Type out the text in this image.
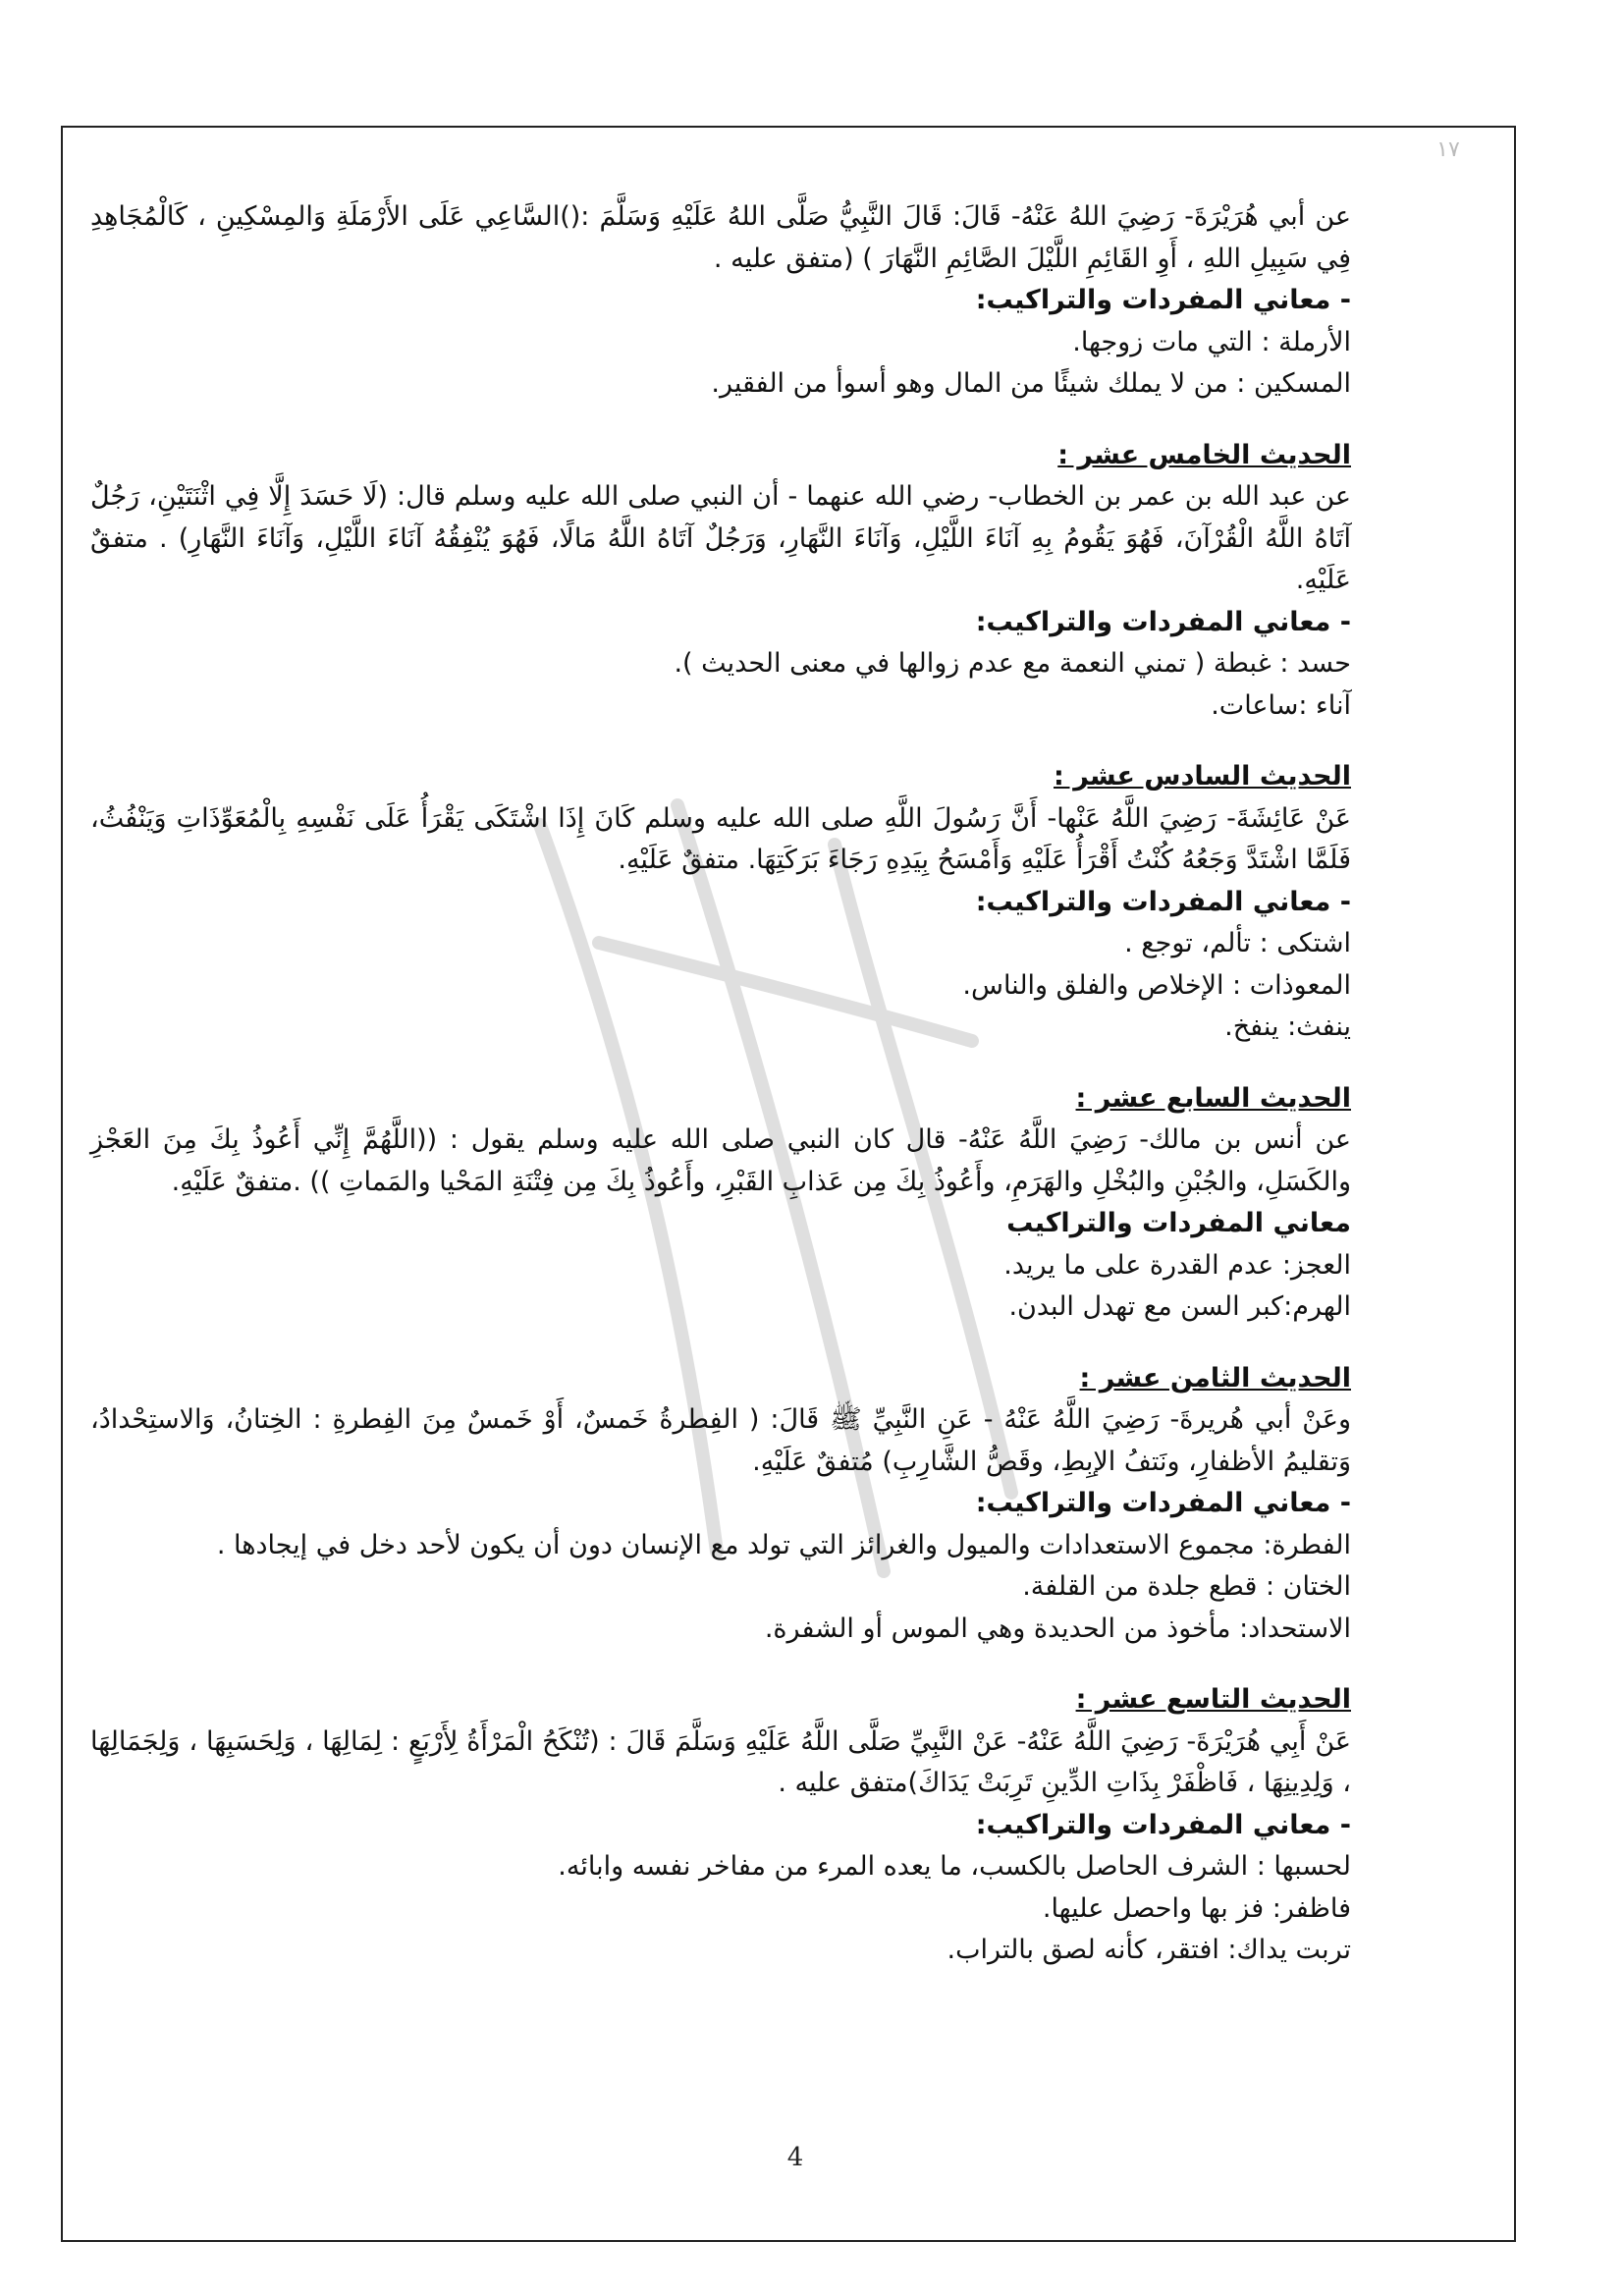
١٧

عن أبي هُرَيْرَةَ- رَضِيَ اللهُ عَنْهُ- قَالَ: قَالَ النَّبِيُّ صَلَّى اللهُ عَلَيْهِ وَسَلَّمَ :()السَّاعِي عَلَى الأَرْمَلَةِ وَالمِسْكِينِ ، كَالْمُجَاهِدِ فِي سَبِيلِ اللهِ ، أَوِ القَائِمِ اللَّيْلَ الصَّائِمِ النَّهَارَ ) (متفق عليه .

- معاني المفردات والتراكيب:

الأرملة : التي مات زوجها.

المسكين : من لا يملك شيئًا من المال وهو أسوأ من الفقير.

الحديث الخامس عشر :

عن عبد الله بن عمر بن الخطاب- رضي الله عنهما - أن النبي صلى الله عليه وسلم قال: (لَا حَسَدَ إِلَّا فِي اثْنَتَيْنِ، رَجُلٌ آتَاهُ اللَّهُ الْقُرْآنَ، فَهُوَ يَقُومُ بِهِ آنَاءَ اللَّيْلِ، وَآنَاءَ النَّهَارِ، وَرَجُلٌ آتَاهُ اللَّهُ مَالًا، فَهُوَ يُنْفِقُهُ آنَاءَ اللَّيْلِ، وَآنَاءَ النَّهَارِ) . متفقٌ عَلَيْهِ.

- معاني المفردات والتراكيب:

حسد : غبطة ( تمني النعمة مع عدم زوالها في معنى الحديث ).

آناء :ساعات.

الحديث السادس عشر :

عَنْ عَائِشَةَ- رَضِيَ اللَّهُ عَنْها- أَنَّ رَسُولَ اللَّهِ صلى الله عليه وسلم كَانَ إِذَا اشْتَكَى يَقْرَأُ عَلَى نَفْسِهِ بِالْمُعَوِّذَاتِ وَيَنْفُثُ، فَلَمَّا اشْتَدَّ وَجَعُهُ كُنْتُ أَقْرَأُ عَلَيْهِ وَأَمْسَحُ بِيَدِهِ رَجَاءَ بَرَكَتِهَا. متفقٌ عَلَيْهِ.

- معاني المفردات والتراكيب:

اشتكى : تألم، توجع .

المعوذات : الإخلاص والفلق والناس.

ينفث: ينفخ.

الحديث السابع عشر :

عن أنس بن مالك- رَضِيَ اللَّهُ عَنْهُ- قال كان النبي صلى الله عليه وسلم يقول : ((اللَّهُمَّ إِنِّي أَعُوذُ بِكَ مِنَ العَجْزِ والكَسَلِ، والجُبْنِ والبُخْلِ والهَرَمِ، وأَعُوذُ بِكَ مِن عَذابِ القَبْرِ، وأَعُوذُ بِكَ مِن فِتْنَةِ المَحْيا والمَماتِ )) .متفقٌ عَلَيْهِ.

معاني المفردات والتراكيب

العجز: عدم القدرة على ما يريد.

الهرم:كبر السن مع تهدل البدن.

الحديث الثامن عشر :

وعَنْ أبي هُريرةَ- رَضِيَ اللَّهُ عَنْهُ - عَنِ النَّبِيِّ ﷺ قَالَ: ( الفِطرةُ خَمسٌ، أَوْ خَمسٌ مِنَ الفِطرةِ : الخِتانُ، وَالاستِحْدادُ، وَتقليمُ الأظفارِ، ونَتفُ الإبِطِ، وقَصُّ الشَّارِبِ) مُتفقٌ عَلَيْهِ.

- معاني المفردات والتراكيب:

الفطرة: مجموع الاستعدادات والميول والغرائز التي تولد مع الإنسان دون أن يكون لأحد دخل في إيجادها .

الختان : قطع جلدة من القلفة.

الاستحداد: مأخوذ من الحديدة وهي الموس أو الشفرة.

الحديث التاسع عشر :

عَنْ أَبِي هُرَيْرَةَ- رَضِيَ اللَّهُ عَنْهُ- عَنْ النَّبِيِّ صَلَّى اللَّهُ عَلَيْهِ وَسَلَّمَ قَالَ : (تُنْكَحُ الْمَرْأَةُ لِأَرْبَعٍ : لِمَالِهَا ، وَلِحَسَبِهَا ، وَلِجَمَالِهَا ، وَلِدِينِهَا ، فَاظْفَرْ بِذَاتِ الدِّينِ تَرِبَتْ يَدَاكَ)متفق عليه .

- معاني المفردات والتراكيب:

لحسبها : الشرف الحاصل بالكسب، ما يعده المرء من مفاخر نفسه وابائه.

فاظفر: فز بها واحصل عليها.

تربت يداك: افتقر، كأنه لصق بالتراب.

4
